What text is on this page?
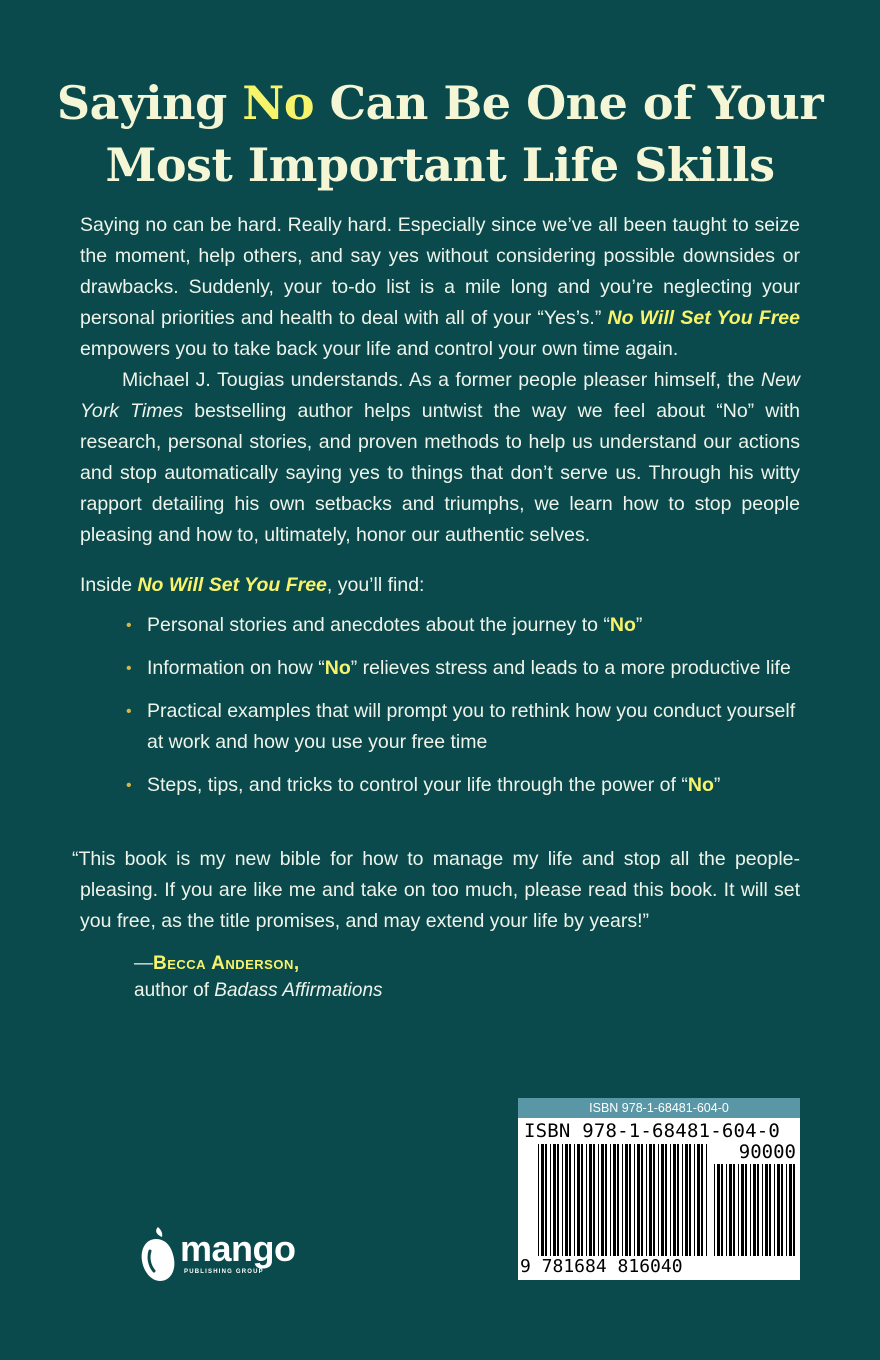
Saying No Can Be One of Your
Most Important Life Skills

Saying no can be hard. Really hard. Especially since we’ve all been taught to seize the moment, help others, and say yes without considering possible downsides or drawbacks. Suddenly, your to-do list is a mile long and you’re neglecting your personal priorities and health to deal with all of your “Yes’s.” No Will Set You Free empowers you to take back your life and control your own time again.

Michael J. Tougias understands. As a former people pleaser himself, the New York Times bestselling author helps untwist the way we feel about “No” with research, personal stories, and proven methods to help us understand our actions and stop automatically saying yes to things that don’t serve us. Through his witty rapport detailing his own setbacks and triumphs, we learn how to stop people pleasing and how to, ultimately, honor our authentic selves.

Inside No Will Set You Free, you’ll find:
• Personal stories and anecdotes about the journey to “No”
• Information on how “No” relieves stress and leads to a more productive life
• Practical examples that will prompt you to rethink how you conduct yourself at work and how you use your free time
• Steps, tips, and tricks to control your life through the power of “No”

“This book is my new bible for how to manage my life and stop all the people-pleasing. If you are like me and take on too much, please read this book. It will set you free, as the title promises, and may extend your life by years!”

—Becca Anderson,
author of Badass Affirmations
mango
PUBLISHING GROUP
ISBN 978-1-68481-604-0
ISBN 978-1-68481-604-0
90000
9 781684 816040
